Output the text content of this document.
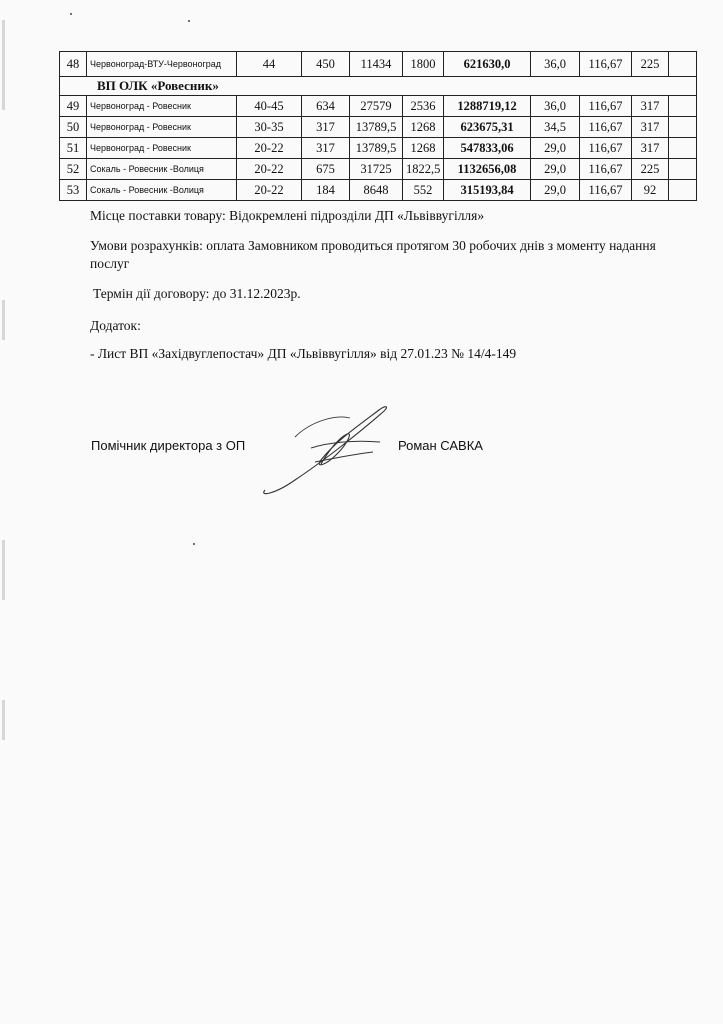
48	Червоноград-ВТУ-Червоноград	44	450	11434	1800	621630,0	36,0	116,67	225	
ВП ОЛК «Ровесник»										
49	Червоноград - Ровесник	40-45	634	27579	2536	1288719,12	36,0	116,67	317	
50	Червоноград - Ровесник	30-35	317	13789,5	1268	623675,31	34,5	116,67	317	
51	Червоноград - Ровесник	20-22	317	13789,5	1268	547833,06	29,0	116,67	317	
52	Сокаль - Ровесник -Волиця	20-22	675	31725	1822,5	1132656,08	29,0	116,67	225	
53	Сокаль - Ровесник -Волиця	20-22	184	8648	552	315193,84	29,0	116,67	92	
Місце поставки товару: Відокремлені підрозділи ДП «Львіввугілля»
Умови розрахунків: оплата Замовником проводиться протягом 30 робочих днів з моменту надання послуг
Термін дії договору: до 31.12.2023р.
Додаток:
- Лист ВП «Західвуглепостач» ДП «Львіввугілля» від 27.01.23 № 14/4-149
Помічник директора з ОП	Роман САВКА
